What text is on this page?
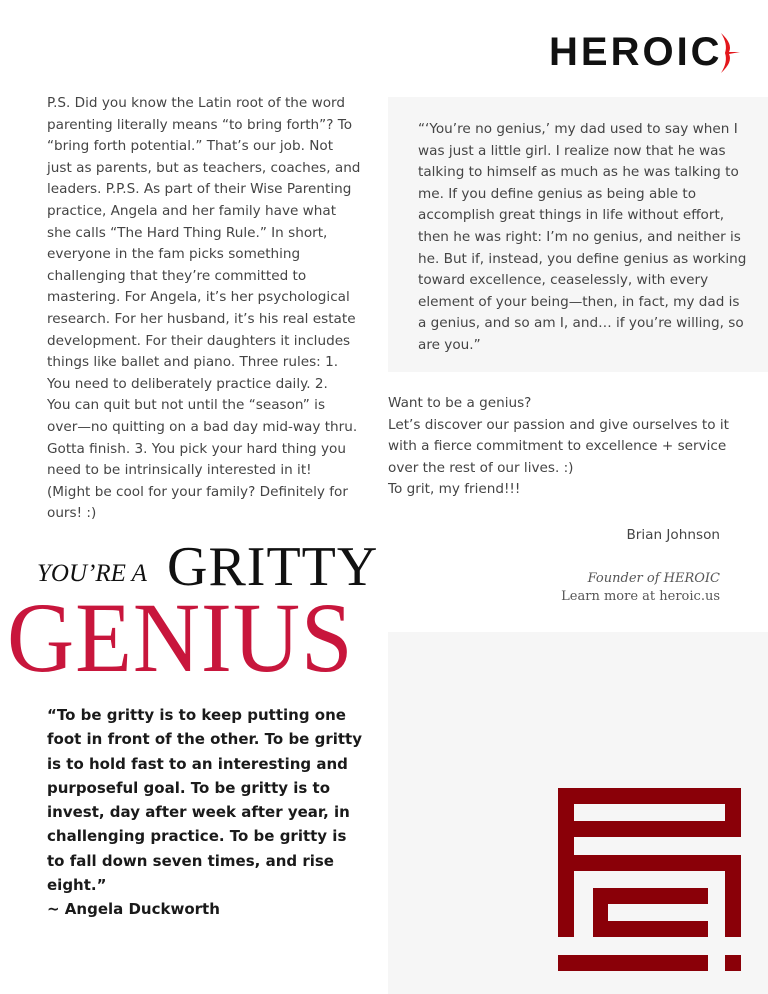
HEROIC
P.S. Did you know the Latin root of the word
parenting literally means “to bring forth”? To
“bring forth potential.” That’s our job. Not
just as parents, but as teachers, coaches, and
leaders. P.P.S. As part of their Wise Parenting
practice, Angela and her family have what
she calls “The Hard Thing Rule.” In short,
everyone in the fam picks something
challenging that they’re committed to
mastering. For Angela, it’s her psychological
research. For her husband, it’s his real estate
development. For their daughters it includes
things like ballet and piano. Three rules: 1.
You need to deliberately practice daily. 2.
You can quit but not until the “season” is
over—no quitting on a bad day mid-way thru.
Gotta finish. 3. You pick your hard thing you
need to be intrinsically interested in it!
(Might be cool for your family? Definitely for
ours! :)
“‘You’re no genius,’ my dad used to say when I
was just a little girl. I realize now that he was
talking to himself as much as he was talking to
me. If you define genius as being able to
accomplish great things in life without effort,
then he was right: I’m no genius, and neither is
he. But if, instead, you define genius as working
toward excellence, ceaselessly, with every
element of your being—then, in fact, my dad is
a genius, and so am I, and… if you’re willing, so
are you.”
Want to be a genius?
Let’s discover our passion and give ourselves to it
with a fierce commitment to excellence + service
over the rest of our lives. :)
To grit, my friend!!!
Brian Johnson
Founder of HEROIC
Learn more at heroic.us
YOU’RE A GRITTY
GENIUS
“To be gritty is to keep putting one
foot in front of the other. To be gritty
is to hold fast to an interesting and
purposeful goal. To be gritty is to
invest, day after week after year, in
challenging practice. To be gritty is
to fall down seven times, and rise
eight.”
~ Angela Duckworth
